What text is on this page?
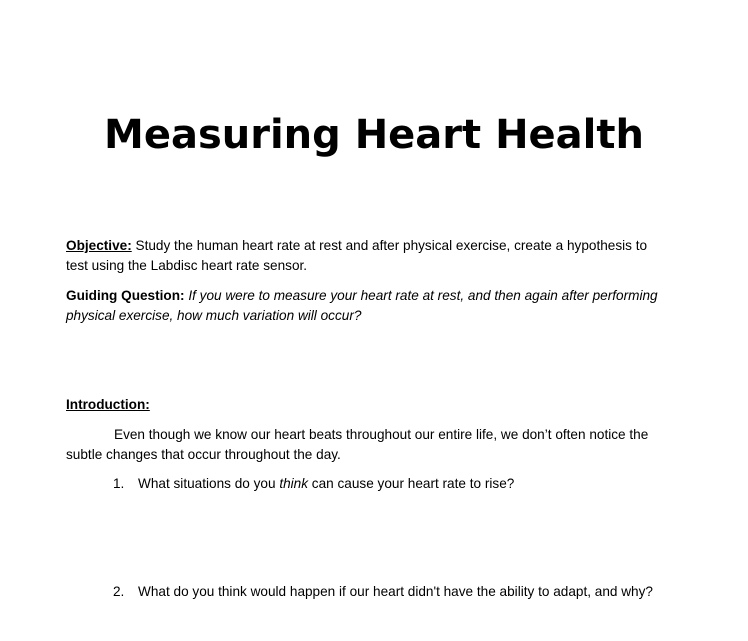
Measuring Heart Health

Objective: Study the human heart rate at rest and after physical exercise, create a hypothesis to test using the Labdisc heart rate sensor.

Guiding Question: If you were to measure your heart rate at rest, and then again after performing physical exercise, how much variation will occur?

Introduction:

Even though we know our heart beats throughout our entire life, we don’t often notice the subtle changes that occur throughout the day.

1. What situations do you think can cause your heart rate to rise?

2. What do you think would happen if our heart didn't have the ability to adapt, and why?
